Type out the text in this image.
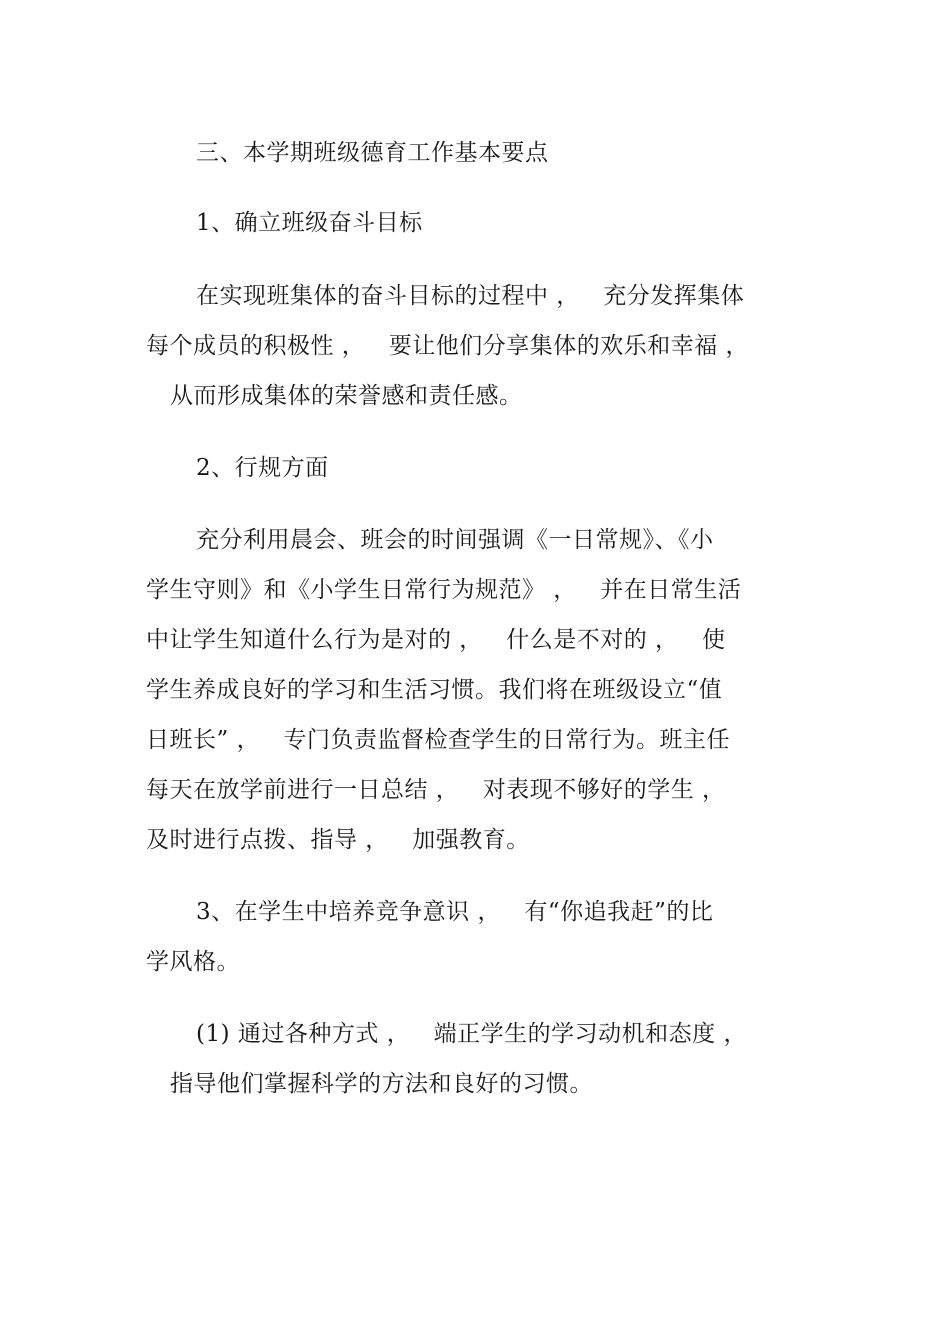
三、本学期班级德育工作基本要点
1、确立班级奋斗目标
在实现班集体的奋斗目标的过程中 ，   充分发挥集体
每个成员的积极性 ，   要让他们分享集体的欢乐和幸福 ，
从而形成集体的荣誉感和责任感。
2、行规方面
充分利用晨会、班会的时间强调《一日常规》、《小
学生守则》和《小学生日常行为规范》 ，   并在日常生活
中让学生知道什么行为是对的 ，   什么是不对的 ，   使
学生养成良好的学习和生活习惯。我们将在班级设立“值
日班长” ，   专门负责监督检查学生的日常行为。班主任
每天在放学前进行一日总结 ，   对表现不够好的学生 ，
及时进行点拨、指导 ，   加强教育。
3、在学生中培养竞争意识 ，   有“你追我赶”的比
学风格。
(1) 通过各种方式 ，   端正学生的学习动机和态度 ，
指导他们掌握科学的方法和良好的习惯。
